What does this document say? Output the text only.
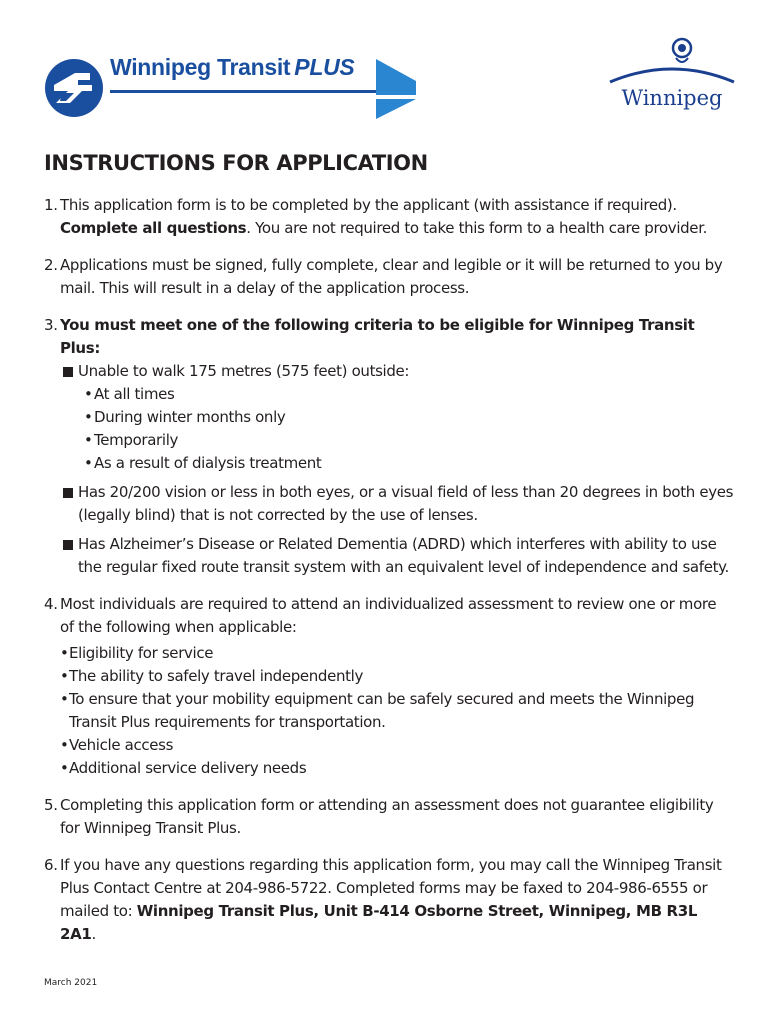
Winnipeg Transit PLUS
Winnipeg
INSTRUCTIONS FOR APPLICATION
1. This application form is to be completed by the applicant (with assistance if required).

Complete all questions. You are not required to take this form to a health care provider.

2. Applications must be signed, fully complete, clear and legible or it will be returned to you by mail. This will result in a delay of the application process.

3. You must meet one of the following criteria to be eligible for Winnipeg Transit Plus:

Unable to walk 175 metres (575 feet) outside:

• At all times
• During winter months only
• Temporarily
• As a result of dialysis treatment

Has 20/200 vision or less in both eyes, or a visual field of less than 20 degrees in both eyes (legally blind) that is not corrected by the use of lenses.

Has Alzheimer’s Disease or Related Dementia (ADRD) which interferes with ability to use the regular fixed route transit system with an equivalent level of independence and safety.

4. Most individuals are required to attend an individualized assessment to review one or more of the following when applicable:

• Eligibility for service
• The ability to safely travel independently
• To ensure that your mobility equipment can be safely secured and meets the Winnipeg Transit Plus requirements for transportation.
• Vehicle access
• Additional service delivery needs
5. Completing this application form or attending an assessment does not guarantee eligibility for Winnipeg Transit Plus.

6. If you have any questions regarding this application form, you may call the Winnipeg Transit Plus Contact Centre at 204-986-5722. Completed forms may be faxed to 204-986-6555 or mailed to: Winnipeg Transit Plus, Unit B-414 Osborne Street, Winnipeg, MB R3L 2A1.

March 2021
